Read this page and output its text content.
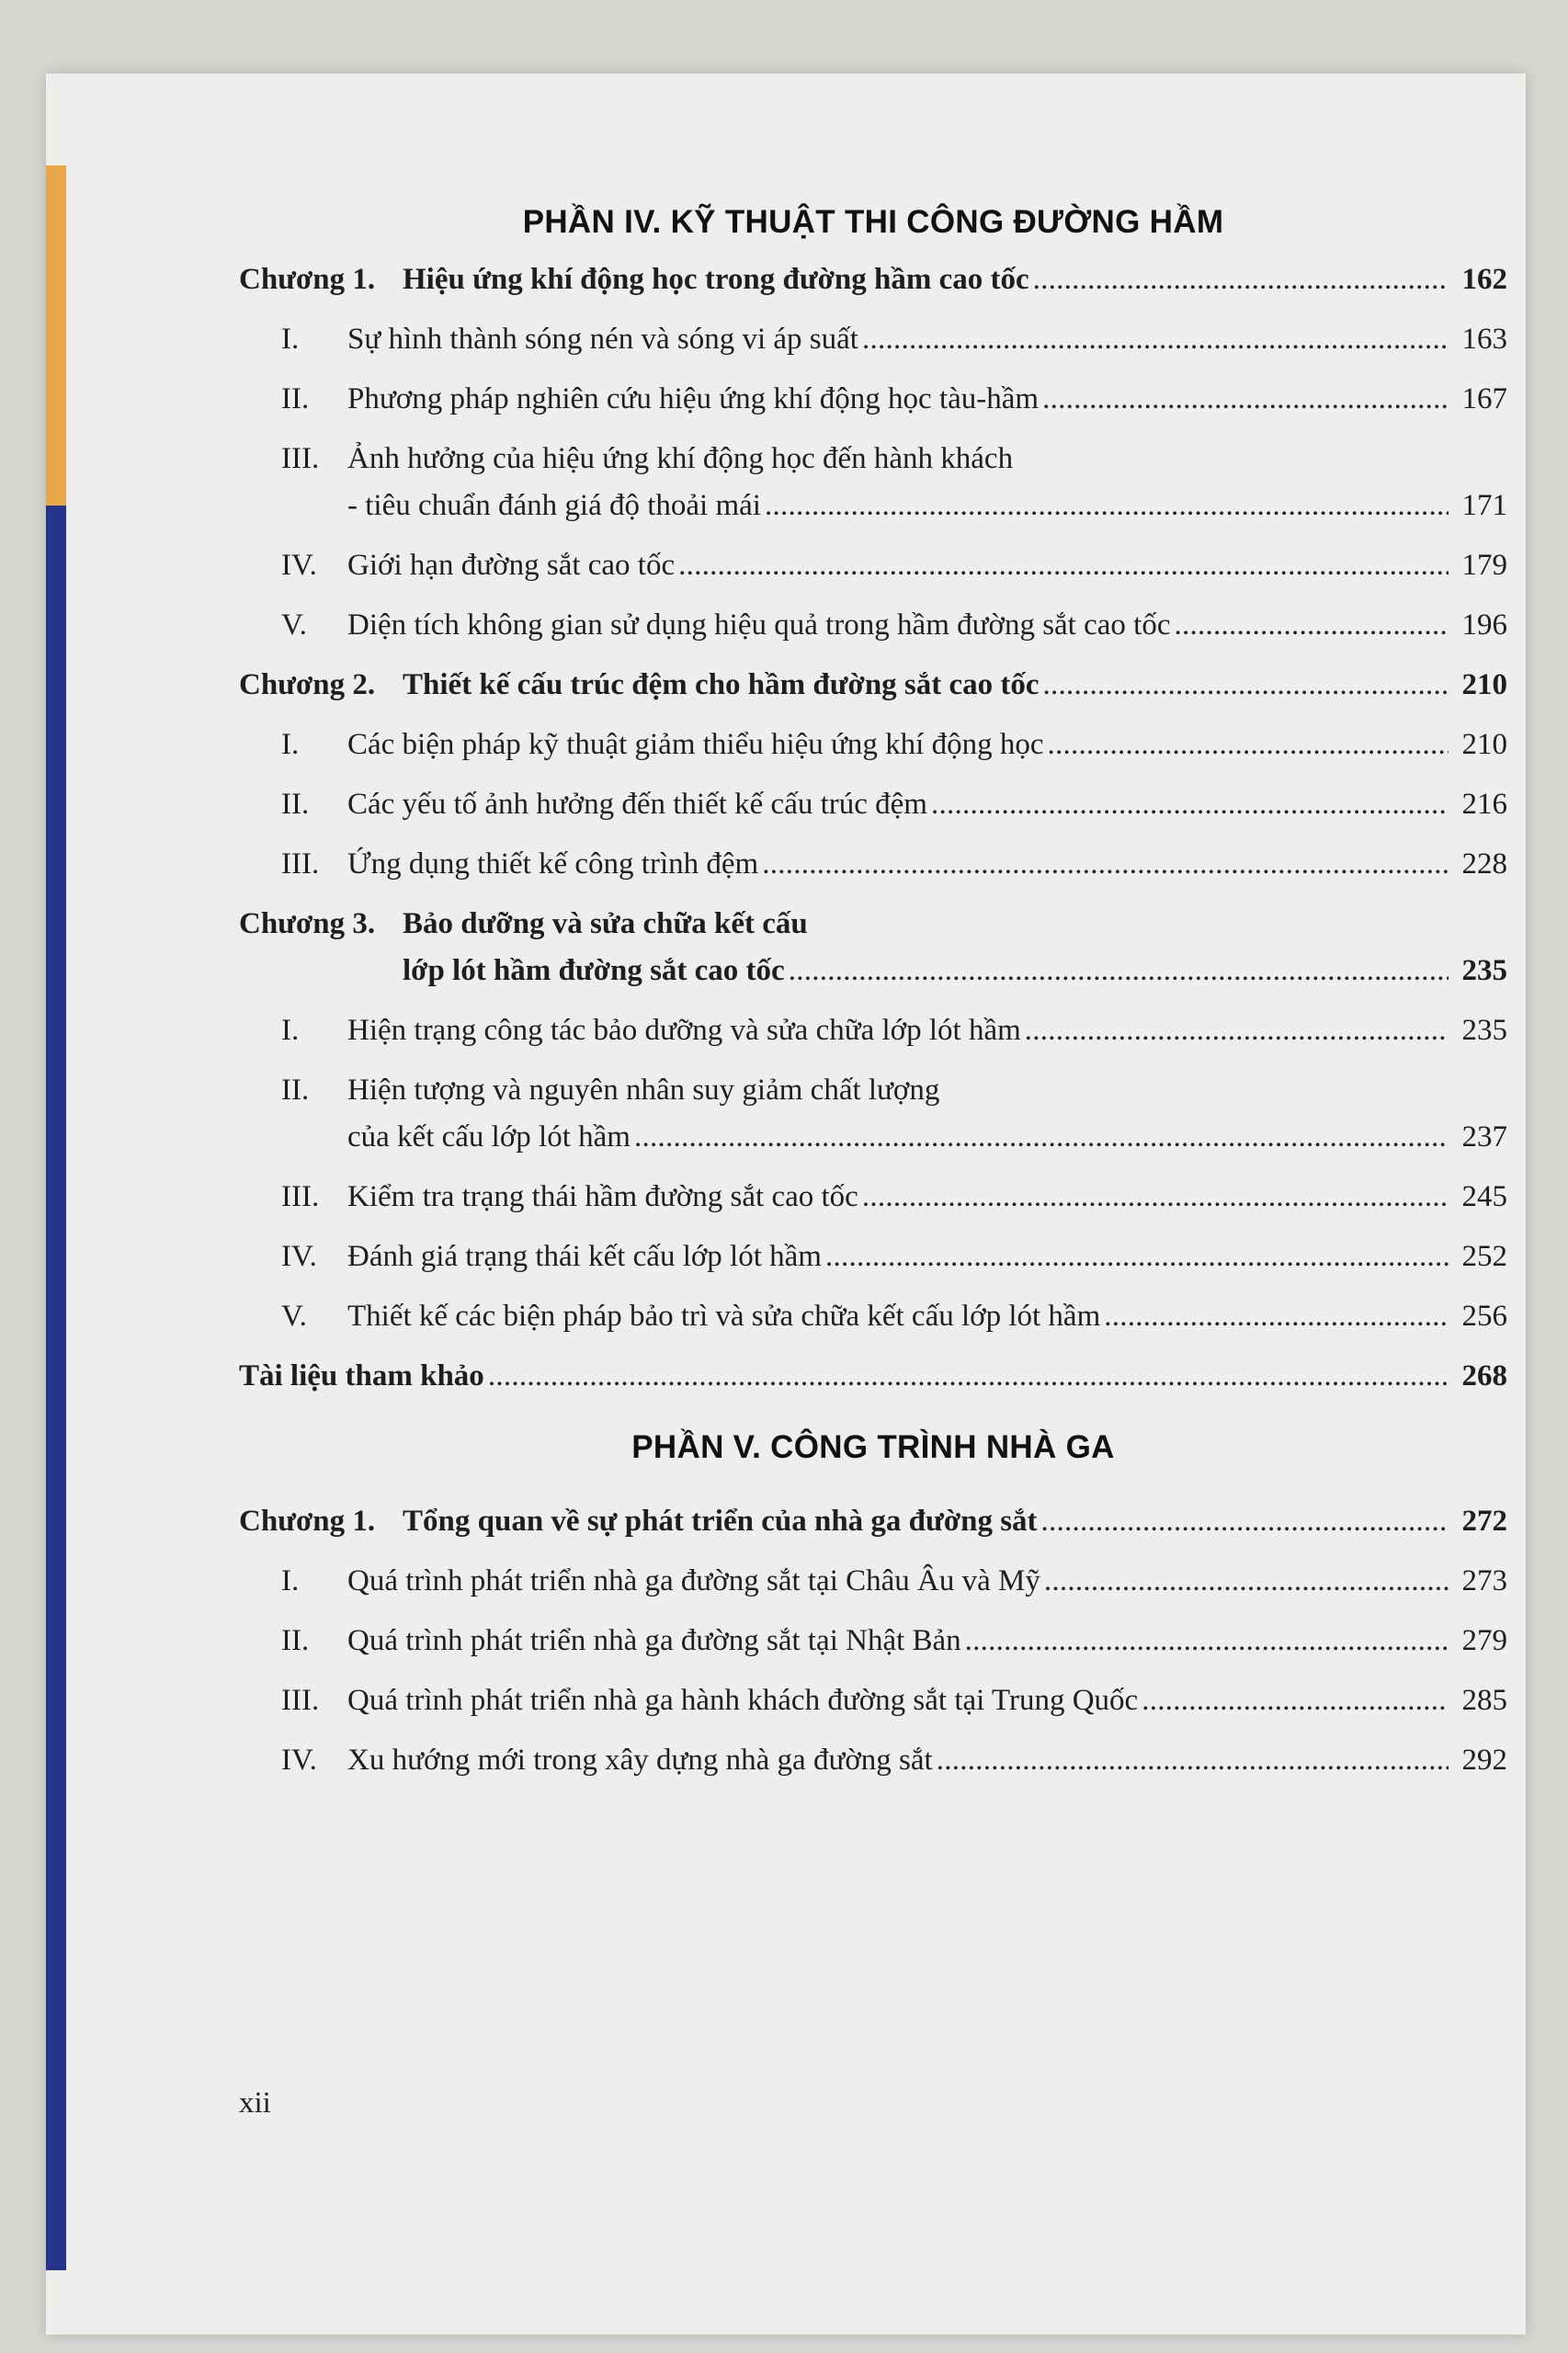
PHẦN IV. KỸ THUẬT THI CÔNG ĐƯỜNG HẦM
Chương 1. Hiệu ứng khí động học trong đường hầm cao tốc . . .	162
I.	Sự hình thành sóng nén và sóng vi áp suất . . .	163
II.	Phương pháp nghiên cứu hiệu ứng khí động học tàu-hầm . . .	167
III. Ảnh hưởng của hiệu ứng khí động học đến hành khách
- tiêu chuẩn đánh giá độ thoải mái . . .	171
IV.	Giới hạn đường sắt cao tốc . . .	179
V.	Diện tích không gian sử dụng hiệu quả trong hầm đường sắt cao tốc . . .	196
Chương 2. Thiết kế cấu trúc đệm cho hầm đường sắt cao tốc . . .	210
I.	Các biện pháp kỹ thuật giảm thiểu hiệu ứng khí động học . . .	210
II.	Các yếu tố ảnh hưởng đến thiết kế cấu trúc đệm . . .	216
III. Ứng dụng thiết kế công trình đệm . . .	228
Chương 3. Bảo dưỡng và sửa chữa kết cấu
lớp lót hầm đường sắt cao tốc . . .	235
I.	Hiện trạng công tác bảo dưỡng và sửa chữa lớp lót hầm . . .	235
II.	Hiện tượng và nguyên nhân suy giảm chất lượng
của kết cấu lớp lót hầm . . .	237
III. Kiểm tra trạng thái hầm đường sắt cao tốc . . .	245
IV.	Đánh giá trạng thái kết cấu lớp lót hầm . . .	252
V.	Thiết kế các biện pháp bảo trì và sửa chữa kết cấu lớp lót hầm . . .	256
Tài liệu tham khảo . . .	268
PHẦN V. CÔNG TRÌNH NHÀ GA
Chương 1. Tổng quan về sự phát triển của nhà ga đường sắt . . .	272
I.	Quá trình phát triển nhà ga đường sắt tại Châu Âu và Mỹ . . .	273
II.	Quá trình phát triển nhà ga đường sắt tại Nhật Bản . . .	279
III. Quá trình phát triển nhà ga hành khách đường sắt tại Trung Quốc . . .	285
IV.	Xu hướng mới trong xây dựng nhà ga đường sắt . . .	292
xii
